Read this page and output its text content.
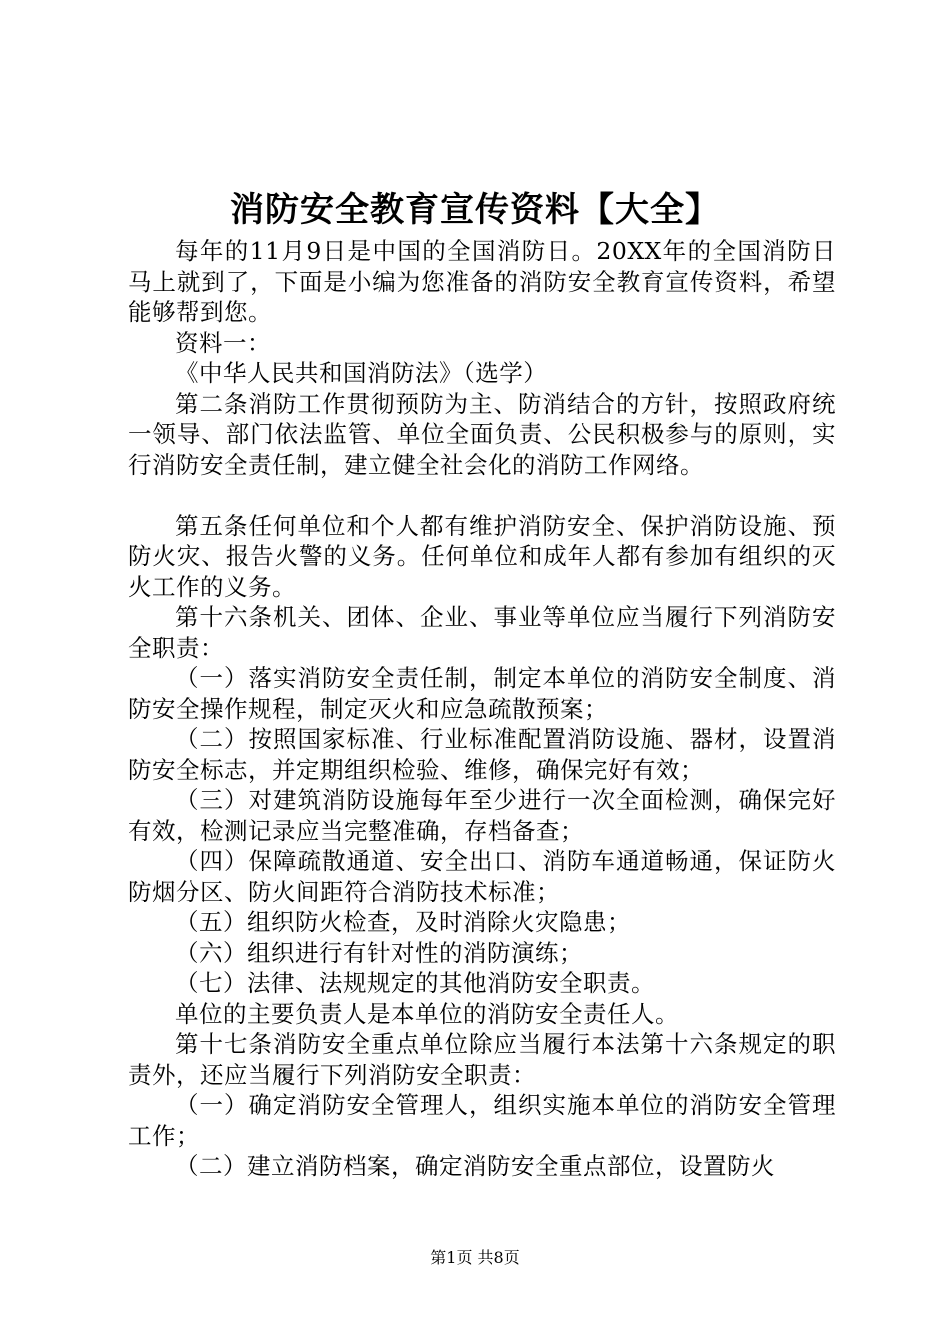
消防安全教育宣传资料【大全】

每年的11月9日是中国的全国消防日。20XX年的全国消防日马上就到了，下面是小编为您准备的消防安全教育宣传资料，希望能够帮到您。

资料一：

《中华人民共和国消防法》（选学）

第二条消防工作贯彻预防为主、防消结合的方针，按照政府统一领导、部门依法监管、单位全面负责、公民积极参与的原则，实行消防安全责任制，建立健全社会化的消防工作网络。

第五条任何单位和个人都有维护消防安全、保护消防设施、预防火灾、报告火警的义务。任何单位和成年人都有参加有组织的灭火工作的义务。

第十六条机关、团体、企业、事业等单位应当履行下列消防安全职责：

（一）落实消防安全责任制，制定本单位的消防安全制度、消防安全操作规程，制定灭火和应急疏散预案；

（二）按照国家标准、行业标准配置消防设施、器材，设置消防安全标志，并定期组织检验、维修，确保完好有效；

（三）对建筑消防设施每年至少进行一次全面检测，确保完好有效，检测记录应当完整准确，存档备查；

（四）保障疏散通道、安全出口、消防车通道畅通，保证防火防烟分区、防火间距符合消防技术标准；

（五）组织防火检查，及时消除火灾隐患；

（六）组织进行有针对性的消防演练；

（七）法律、法规规定的其他消防安全职责。

单位的主要负责人是本单位的消防安全责任人。

第十七条消防安全重点单位除应当履行本法第十六条规定的职责外，还应当履行下列消防安全职责：

（一）确定消防安全管理人，组织实施本单位的消防安全管理工作；

（二）建立消防档案，确定消防安全重点部位，设置防火

第1页 共8页
